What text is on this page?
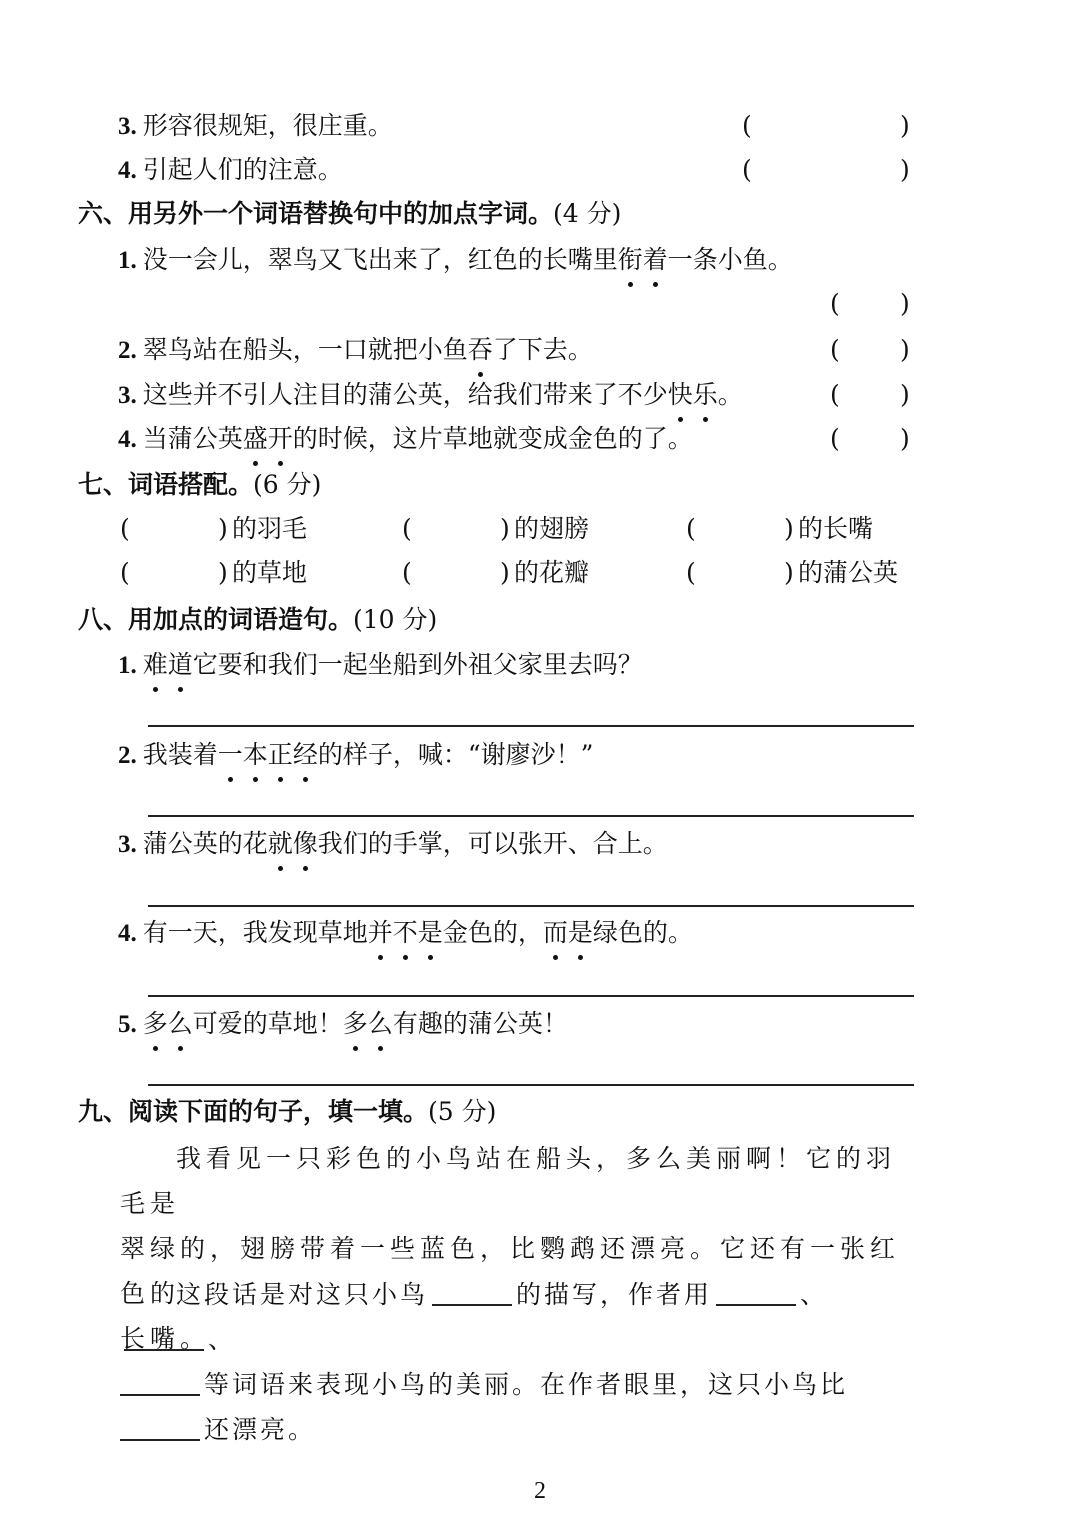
3. 形容很规矩，很庄重。	(	)
4. 引起人们的注意。	(	)
六、用另外一个词语替换句中的加点字词。(4 分)
1. 没一会儿，翠鸟又飞出来了，红色的长嘴里衔着一条小鱼。
( )
2. 翠鸟站在船头，一口就把小鱼吞了下去。	( )
3. 这些并不引人注目的蒲公英，给我们带来了不少快乐。	( )
4. 当蒲公英盛开的时候，这片草地就变成金色的了。	( )
七、词语搭配。(6 分)
(	) 的羽毛	(	) 的翅膀	(	) 的长嘴
(	) 的草地	(	) 的花瓣	(	) 的蒲公英
八、用加点的词语造句。(10 分)
1. 难道它要和我们一起坐船到外祖父家里去吗？
2. 我装着一本正经的样子，喊：“谢廖沙！”
3. 蒲公英的花就像我们的手掌，可以张开、合上。
4. 有一天，我发现草地并不是金色的，而是绿色的。
5. 多么可爱的草地！多么有趣的蒲公英！
九、阅读下面的句子，填一填。(5 分)
我看见一只彩色的小鸟站在船头，多么美丽啊！它的羽毛是
翠绿的，翅膀带着一些蓝色，比鹦鹉还漂亮。它还有一张红色的
长嘴。
这段话是对这只小鸟	的描写，作者用	、、
等词语来表现小鸟的美丽。在作者眼里，这只小鸟比
还漂亮。
2
